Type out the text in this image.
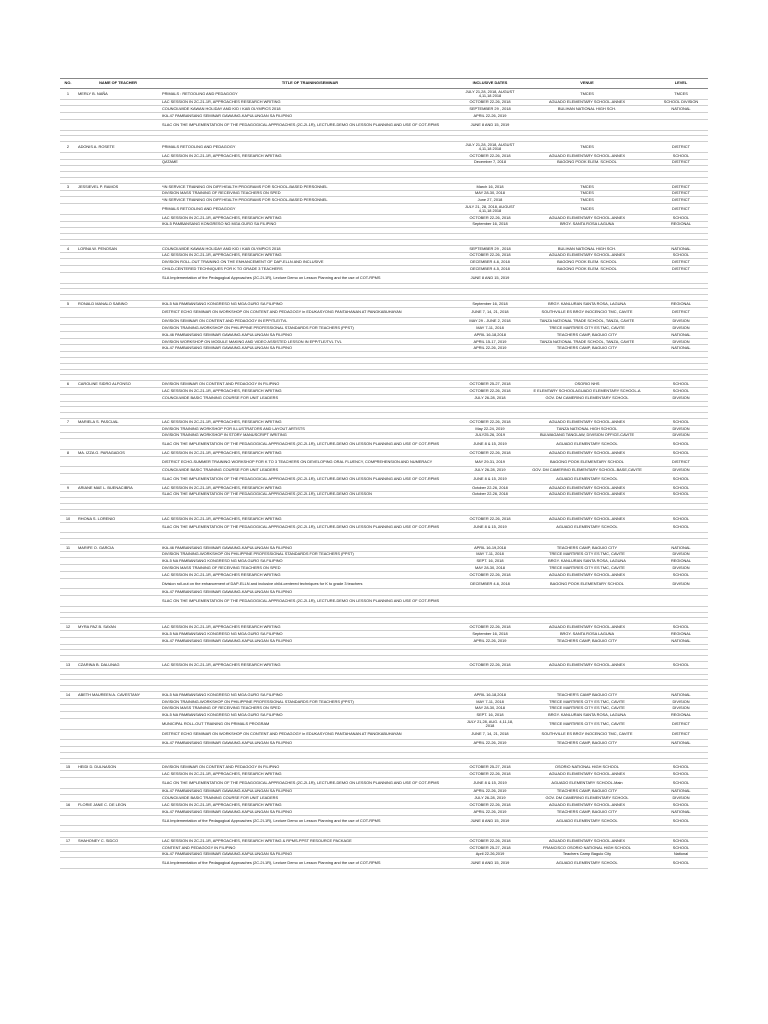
NO.	NAME OF TEACHER	TITLE OF TRAINING/SEMINAR	INCLUSIVE DATES	VENUE	LEVEL
1	MERLY B. NAÑA	PRIMALS : RETOOLING AND PEDAGOGY	JULY 21,28, 2018, AUGUST 4,11,18 2018	TMCES	TMCES
		LAC SESSION IN 2C-21-1R, APPROACHES RESEARCH WRITING	OCTOBER 22-26, 2018	AGUADO ELEMENTARY SCHOOL-ANNEX	SCHOOL DIVISION
		COUNCILWIDE KAWAN HOLIDAY AND KID / KAB OLYMPICS 2018	SEPTEMBER 29 , 2018	BULIHAN NATIONAL HIGH SCH.	NATIONAL
		IKA-47 PAMBANSANG SEMINAR GAWAING-KAPULUNGAN SA FILIPINO	APRIL 22-26, 2019		
		SLAC ON THE IMPLEMENTATION OF THE PEDAGOGICAL APPROACHES (2C-2I-1R), LECTURE-DEMO ON LESSON PLANNING AND USE OF COT-RPMS	JUNE 8 AND 15, 2019		

2	ADONIS A. ROSETE	PRIMALS RETOOLING AND PEDAGOGY	JULY 21,28, 2018, AUGUST 4,11,18 2018	TMCES	DISTRICT
		LAC SESSION IN 2C-21-1R, APPROACHES, RESEARCH WRITING	OCTOBER 22-26, 2018	AGUADO ELEMENTARY SCHOOL-ANNEX	SCHOOL
		QATAME	December 7, 2018	BAGONG POOK ELEM. SCHOOL	DISTRICT

3	JESSIEVEL P. RAMOS	*IN SERVICE TRAINING ON DIFF.HEALTH PROGRAMS FOR SCHOOL-BASED PERSONNEL	March 16, 2018	TMCES	DISTRICT
		DIVISION MASS TRAINING OF RECEIVING TEACHERS ON SPED	MAY 28-30, 2018	TMCES	DISTRICT
		*IN SERVICE TRAINING ON DIFF.HEALTH PROGRAMS FOR SCHOOL-BASED PERSONNEL	June 27, 2018	TMCES	DISTRICT
		PRIMALS RETOOLING AND PEDAGOGY	JULY 21, 28, 2018, AUGUST 4,11,18 2018	TMCES	DISTRICT
		LAC SESSION IN 2C-21-1R, APPROACHES, RESEARCH WRITING	OCTOBER 22-26, 2018	AGUADO ELEMENTARY SCHOOL-ANNEX	SCHOOL
		IKA-5 PAMBANSANG KONGRESO NG MGA GURO SA FILIPINO	September 16, 2018	BRGY. SANTA ROSA LAGUNA	REGIONAL

4	LORNA W. PENOSAN	COUNCILWIDE KAWAN HOLIDAY AND KID / KAB OLYMPICS 2018	SEPTEMBER 29 , 2018	BULIHAN NATIONAL HIGH SCH.	NATIONAL
		LAC SESSION IN 2C-21-1R, APPROACHES, RESEARCH WRITING	OCTOBER 22-26, 2018	AGUADO ELEMENTARY SCHOOL-ANNEX	SCHOOL
		DIVISION ROLL-OUT TRAINING ON THE ENHANCEMENT OF DAP-ELLN AND INCLUSIVE	DECEMBER 4-6, 2018	BAGONG POOK ELEM. SCHOOL	DISTRICT
		CHILD-CENTERED TECHNIQUES FOR K TO GRADE 3 TEACHERS	DECEMBER 4-5, 2018	BAGONG POOK ELEM. SCHOOL	DISTRICT
		SLA Implementation of the Pedagogical Approaches (2C-2I-1R), Lecture Demo on Lesson Planning and the use of COT-RPMS	JUNE 8 AND 15, 2019		

5	RONALD MANALO SABINO	IKA-5 NA PAMBANSANG KONGRESO NG MGA GURO SA FILIPINO	September 16, 2018	BRGY. KANLURAN SANTA ROSA, LAGUNA	REGIONAL
		DISTRICT ECHO SEMINAR ON WORKSHOP ON CONTENT AND PEDAGOGY in EDUKASYONG PANTAHANAN AT PANGKABUHAYAN	JUNE 7, 14, 21, 2018	SOUTHVILLE ES BRGY INOCENCIO TMC, CAVITE	DISTRICT
		DIVISION SEMINAR ON CONTENT AND PEDAGOGY IN EPP/TLE/TVL	MAY 29 - JUNE 2, 2018	TANZA NATIONAL TRADE SCHOOL, TANZA, CAVITE	DIVISION
		DIVISION TRAINING-WORKSHOP ON PHILIPPINE PROFESSIONAL STANDARDS FOR TEACHERS (PPST)	MAY 7-11, 2018	TRECE MARTIRES CITY ES TMC, CAVITE	DIVISION
		IKA-46 PAMBANSANG SEMINAR GAWAING-KAPULUNGAN SA FILIPINO	APRIL 16-18,2018	TEACHERS CAMP, BAGUIO CITY	NATIONAL
		DIVISION WORKSHOP ON MODULE MAKING AND VIDEO ASSISTED LESSON IN EPP/TLE/TVL TVL	APRIL 15-17, 2019	TANZA NATIONAL TRADE SCHOOL, TANZA, CAVITE	DIVISION
		IKA-47 PAMBANSANG SEMINAR GAWAING-KAPULUNGAN SA FILIPINO	APRIL 22-26, 2019	TEACHERS CAMP, BAGUIO CITY	NATIONAL

6	CAROLINE SIDRO ALFONSO	DIVISION SEMINAR ON CONTENT AND PEDAGOGY IN FILIPINO	OCTOBER 25-27, 2018	OSORIO NHS	SCHOOL
		LAC SESSION IN 2C-21-1R, APPROACHES, RESEARCH WRITING	OCTOBER 22-26, 2018	E ELEMTARY SCHOOLAGUADO ELEMENTARY SCHOOL-A	SCHOOL
		COUNCILWIDE BASIC TRAINING COURSE FOR UNIT LEADERS	JULY 26-28, 2018	GOV. DM CAMERINO ELEMENTARY SCHOOL	DIVISION

7	MARIELA S. PASCUAL	LAC SESSION IN 2C-21-1R, APPROACHES, RESEARCH WRITING	OCTOBER 22-26, 2018	AGUADO ELEMENTARY SCHOOL-ANNEX	SCHOOL
		DIVISION TRAINING WORKSHOP FOR ILLUSTRATORS AND LAYOUT ARTISTS	May 22-24, 2019	TANZA NATIONAL HIGH SCHOOL	DIVISION
		DIVISION TRAINING WORKSHOP IN STORY MANUSCRIPT WRITING	JULY25-26, 2019	BULWAGANG TANGLAW, DIVISION OFFICE-CAVITE	DIVISION
		SLAC ON THE IMPLEMENTATION OF THE PEDAGOGICAL APPROACHES (2C-2I-1R), LECTURE-DEMO ON LESSON PLANNING AND USE OF COT-RPMS	JUNE 8 & 15, 2019	AGUADO ELEMENTARY SCHOOL	SCHOOL
8	MA. IZZA G. PARAGADOS	LAC SESSION IN 2C-21-1R, APPROACHES, RESEARCH WRITING	OCTOBER 22-26, 2018	AGUADO ELEMENTARY SCHOOL-ANNEX	SCHOOL
		DISTRICT ECHO-SUMMER TRAINING WORKSHOP FOR K TO 3 TEACHERS ON DEVELOPING ORAL FLUENCY, COMPREHENSION AND NUMERACY	MAY 29-31, 2019	BAGONG POOK ELEMENTARY SCHOOL	DISTRICT
		COUNCILWIDE BASIC TRAINING COURSE FOR UNIT LEADERS	JULY 26-28, 2019	GOV. DM CAMERINO ELEMENTARY SCHOOL-BASE,CAVITE	DIVISION
		SLAC ON THE IMPLEMENTATION OF THE PEDAGOGICAL APPROACHES (2C-2I-1R), LECTURE-DEMO ON LESSON PLANNING AND USE OF COT-RPMS	JUNE 8 & 15, 2019	AGUADO ELEMENTARY SCHOOL	SCHOOL
9	ARIANE MAE L. BUENACIBRA	LAC SESSION IN 2C-21-1R, APPROACHES, RESEARCH WRITING	October 22-26, 2018	AGUADO ELEMENTARY SCHOOL-ANNEX	SCHOOL
		SLAC ON THE IMPLEMENTATION OF THE PEDAGOGICAL APPROACHES (2C-2I-1R), LECTURE-DEMO ON LESSON	October 22-26, 2018	AGUADO ELEMENTARY SCHOOL-ANNEX	SCHOOL

10	RHONA S. LORENIO	LAC SESSION IN 2C-21-1R, APPROACHES, RESEARCH WRITING	OCTOBER 22-26, 2018	AGUADO ELEMENTARY SCHOOL-ANNEX	SCHOOL
		SLAC ON THE IMPLEMENTATION OF THE PEDAGOGICAL APPROACHES (2C-2I-1R), LECTURE-DEMO ON LESSON PLANNING AND USE OF COT-RPMS	JUNE 8 & 15, 2019	AGUADO ELEMENTARY SCHOOL	SCHOOL

11	MARIFE O. GARCIA	IKA-46 PAMBANSANG SEMINAR GAWAING-KAPULUNGAN SA FILIPINO	APRIL 16-19,2018	TEACHERS CAMP, BAGUIO CITY	NATIONAL
		DIVISION TRAINING-WORKSHOP ON PHILIPPINE PROFESSIONAL STANDARDS FOR TEACHERS (PPST)	MAY 7-11, 2018	TRECE MARTIRES CITY ES TMC, CAVITE	DIVISION
		IKA-5 NA PAMBANSANG KONGRESO NG MGA GURO SA FILIPINO	SEPT. 16, 2018	BRGY. KANLURAN SANTA ROSA, LAGUNA	REGIONAL
		DIVISION MASS TRAINING OF RECEIVING TEACHERS ON SPED	MAY 28-30, 2018	TRECE MARTIRES CITY ES TMC, CAVITE	DIVISION
		LAC SESSION IN 2C-21-1R, APPROACHES RESEARCH WRITING	OCTOBER 22-26, 2018	AGUADO ELEMENTARY SCHOOL-ANNEX	SCHOOL
		Division roll-out on the enhancement of DAP-ELLN and inclusive child-centered techniques for K to grade 3 teachers	DECEMBER 4-6, 2018	BAGONG POOK ELEMENTARY SCHOOL	DIVISION
		IKA-47 PAMBANSANG SEMINAR GAWAING-KAPULUNGAN SA FILIPINO			
		SLAC ON THE IMPLEMENTATION OF THE PEDAGOGICAL APPROACHES (2C-2I-1R), LECTURE-DEMO ON LESSON PLANNING AND USE OF COT-RPMS			

12	MYRA PAZ B. SAYAN	LAC SESSION IN 2C-21-1R, APPROACHES RESEARCH WRITING	OCTOBER 22-26, 2018	AGUADO ELEMENTARY SCHOOL-ANNEX	SCHOOL
		IKA-5 NA PAMBANSANG KONGRESO NG MGA GURO SA FILIPINO	September 16, 2018	BRGY. SANTA ROSA LAGUNA	REGIONAL
		IKA-47 PAMBANSANG SEMINAR GAWAING-KAPULUNGAN SA FILIPINO	APRIL 22-26, 2019	TEACHERS CAMP, BAGUIO CITY	NATIONAL

13	CZARINA B. DALUNAG	LAC SESSION IN 2C-21-1R, APPROACHES RESEARCH WRITING	OCTOBER 22-26, 2018	AGUADO ELEMENTARY SCHOOL-ANNEX	SCHOOL

14	ABETH MAUREEN A. CAVESTANY	IKA-5 NA PAMBANSANG KONGRESO NG MGA GURO SA FILIPINO	APRIL 16-18,2018	TEACHER'S CAMP BAGUIO CITY	NATIONAL
		DIVISION TRAINING-WORKSHOP ON PHILIPPINE PROFESSIONAL STANDARDS FOR TEACHERS (PPST)	MAY 7-11, 2018	TRECE MARTIRES CITY ES TMC, CAVITE	DIVISION
		DIVISION MASS TRAINING OF RECEIVING TEACHERS ON SPED	MAY 28-30, 2018	TRECE MARTIRES CITY ES TMC, CAVITE	DIVISION
		IKA-5 NA PAMBANSANG KONGRESO NG MGA GURO SA FILIPINO	SEPT. 16, 2018	BRGY. KANLURAN SANTA ROSA, LAGUNA	REGIONAL
		MUNICIPAL ROLL-OUT TRAINING ON PRIMALS PROGRAM	JULY 21,28, AUG. 4,11,18, 2018	TRECE MARTIRES CITY ES TMC, CAVITE	DISTRICT
		DISTRICT ECHO SEMINAR ON WORKSHOP ON CONTENT AND PEDAGOGY in EDUKASYONG PANTAHANAN AT PANGKABUHAYAN	JUNE 7, 14, 21, 2018	SOUTHVILLE ES BRGY INOCENCIO TMC, CAVITE	DISTRICT
		IKA-47 PAMBANSANG SEMINAR GAWAING-KAPULUNGAN SA FILIPINO	APRIL 22-26, 2019	TEACHERS CAMP, BAGUIO CITY	NATIONAL

15	HEIDI D. DULNASON	DIVISION SEMINAR ON CONTENT AND PEDAGOGY IN FILIPINO	OCTOBER 25-27, 2018	OSORIO NATIONAL HIGH SCHOOL	SCHOOL
		LAC SESSION IN 2C-21-1R, APPROACHES, RESEARCH WRITING	OCTOBER 22-26, 2018	AGUADO ELEMENTARY SCHOOL-ANNEX	SCHOOL
		SLAC ON THE IMPLEMENTATION OF THE PEDAGOGICAL APPROACHES (2C-2I-1R), LECTURE-DEMO ON LESSON PLANNING AND USE OF COT-RPMS	JUNE 8 & 15, 2019	AGUADO ELEMENTARY SCHOOL-Main	SCHOOL
		IKA-47 PAMBANSANG SEMINAR GAWAING-KAPULUNGAN SA FILIPINO	APRIL 22-26, 2019	TEACHERS CAMP, BAGUIO CITY	NATIONAL
		COUNCILWIDE BASIC TRAINING COURSE FOR UNIT LEADERS	JULY 26-28, 2019	GOV. DM CAMERINO ELEMENTARY SCHOOL	DIVISION
16	FLORIE JANE C. DE LEON	LAC SESSION IN 2C-21-1R, APPROACHES, RESEARCH WRITING	OCTOBER 22-26, 2018	AGUADO ELEMENTARY SCHOOL-ANNEX	SCHOOL
		IKA-47 PAMBANSANG SEMINAR GAWAING-KAPULUNGAN SA FILIPINO	APRIL 22-26, 2019	TEACHERS CAMP, BAGUIO CITY	NATIONAL
		SLA Implementation of the Pedagogical Approaches (2C-2I-1R), Lecture Demo on Lesson Planning and the use of COT-RPMS	JUNE 8 AND 15, 2019	AGUADO ELEMENTARY SCHOOL	SCHOOL

17	SHAHONEY C. SIDCO	LAC SESSION IN 2C-21-1R, APPROACHES, RESEARCH WRITING & RPMS-PPST RESOURCE PACKAGE	OCTOBER 22-26, 2018	AGUADO ELEMENTARY SCHOOL-ANNEX	SCHOOL
		CONTENT AND PEDAGOGY IN FILIPINO	OCTOBER 25-27, 2018	FRANCISCO OSORIO NATIONAL HIGH SCHOOL	SCHOOL
		IKA-47 PAMBANSANG SEMINAR GAWAING-KAPULUNGAN SA FILIPINO	April 22-26,2019	Teachers Camp Baguio City	National
		SLA Implementation of the Pedagogical Approaches (2C-2I-1R), Lecture Demo on Lesson Planning and the use of COT-RPMS	JUNE 8 AND 15, 2019	AGUADO ELEMENTARY SCHOOL	SCHOOL
